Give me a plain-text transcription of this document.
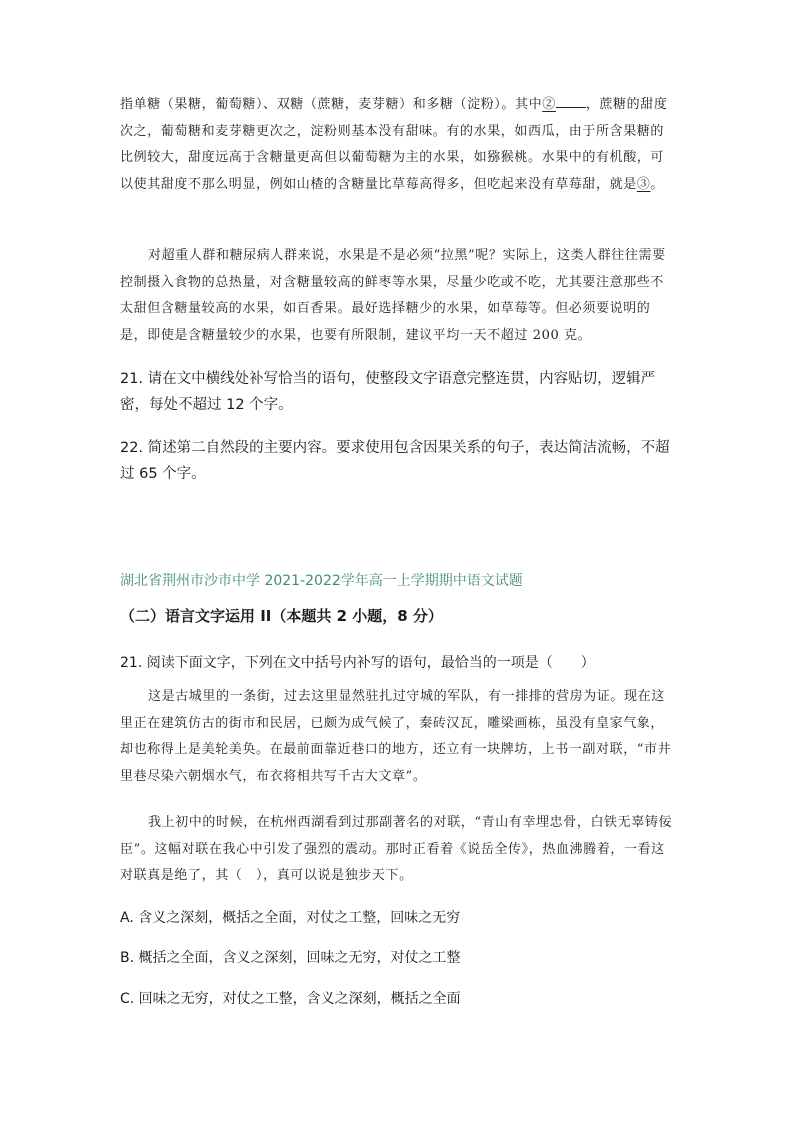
指单糖（果糖，葡萄糖）、双糖（蔗糖，麦芽糖）和多糖（淀粉）。其中② ，蔗糖的甜度次之，葡萄糖和麦芽糖更次之，淀粉则基本没有甜味。有的水果，如西瓜，由于所含果糖的比例较大，甜度远高于含糖量更高但以葡萄糖为主的水果，如猕猴桃。水果中的有机酸，可以使其甜度不那么明显，例如山楂的含糖量比草莓高得多，但吃起来没有草莓甜，就是③。

对超重人群和糖尿病人群来说，水果是不是必须“拉黑”呢？实际上，这类人群往往需要控制摄入食物的总热量，对含糖量较高的鲜枣等水果，尽量少吃或不吃，尤其要注意那些不太甜但含糖量较高的水果，如百香果。最好选择糖少的水果，如草莓等。但必须要说明的是，即使是含糖量较少的水果，也要有所限制，建议平均一天不超过 200 克。

21. 请在文中横线处补写恰当的语句，使整段文字语意完整连贯，内容贴切，逻辑严密，每处不超过 12 个字。

22. 简述第二自然段的主要内容。要求使用包含因果关系的句子，表达简洁流畅，不超过 65 个字。

湖北省荆州市沙市中学 2021-2022学年高一上学期期中语文试题

（二）语言文字运用 II（本题共 2 小题，8 分）

21. 阅读下面文字，下列在文中括号内补写的语句，最恰当的一项是（　　）

这是古城里的一条街，过去这里显然驻扎过守城的军队，有一排排的营房为证。现在这里正在建筑仿古的街市和民居，已颇为成气候了，秦砖汉瓦，雕梁画栋，虽没有皇家气象，却也称得上是美轮美奂。在最前面靠近巷口的地方，还立有一块牌坊，上书一副对联，“市井里巷尽染六朝烟水气，布衣将相共写千古大文章”。

我上初中的时候，在杭州西湖看到过那副著名的对联，“青山有幸埋忠骨，白铁无辜铸佞臣”。这幅对联在我心中引发了强烈的震动。那时正看着《说岳全传》，热血沸腾着，一看这对联真是绝了，其（　），真可以说是独步天下。

A. 含义之深刻，概括之全面，对仗之工整，回味之无穷

B. 概括之全面，含义之深刻，回味之无穷，对仗之工整

C. 回味之无穷，对仗之工整，含义之深刻，概括之全面
